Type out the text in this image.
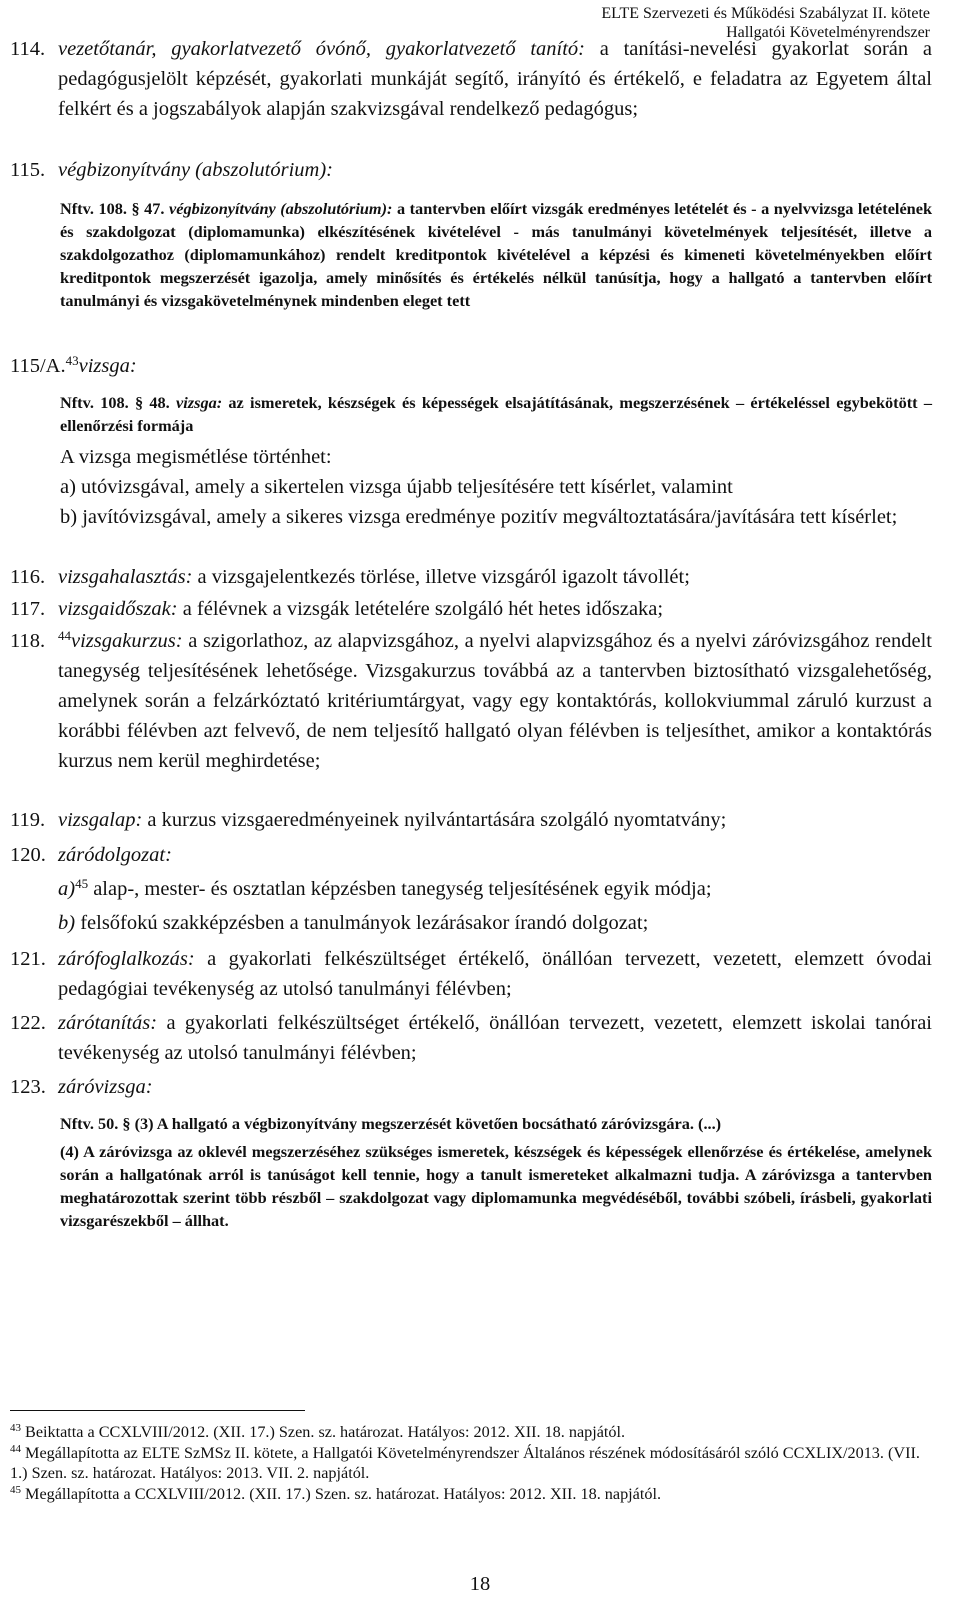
ELTE Szervezeti és Működési Szabályzat II. kötete
Hallgatói Követelményrendszer
114. vezetőtanár, gyakorlatvezető óvónő, gyakorlatvezető tanító: a tanítási-nevelési gyakorlat során a pedagógusjelölt képzését, gyakorlati munkáját segítő, irányító és értékelő, e feladatra az Egyetem által felkért és a jogszabályok alapján szakvizsgával rendelkező pedagógus;
115. végbizonyítvány (abszolutórium):
Nftv. 108. § 47. végbizonyítvány (abszolutórium): a tantervben előírt vizsgák eredményes letételét és - a nyelvvizsga letételének és szakdolgozat (diplomamunka) elkészítésének kivételével - más tanulmányi követelmények teljesítését, illetve a szakdolgozathoz (diplomamunkához) rendelt kreditpontok kivételével a képzési és kimeneti követelményekben előírt kreditpontok megszerzését igazolja, amely minősítés és értékelés nélkül tanúsítja, hogy a hallgató a tantervben előírt tanulmányi és vizsgakövetelménynek mindenben eleget tett
115/A.$^{43}$vizsga:
Nftv. 108. § 48. vizsga: az ismeretek, készségek és képességek elsajátításának, megszerzésének – értékeléssel egybekötött – ellenőrzési formája
A vizsga megismétlése történhet:
a) utóvizsgával, amely a sikertelen vizsga újabb teljesítésére tett kísérlet, valamint
b) javítóvizsgával, amely a sikeres vizsga eredménye pozitív megváltoztatására/javítására tett kísérlet;
116. vizsgahalasztás: a vizsgajelentkezés törlése, illetve vizsgáról igazolt távollét;
117. vizsgaidőszak: a félévnek a vizsgák letételére szolgáló hét hetes időszaka;
118. $^{44}$vizsgakurzus: a szigorlathoz, az alapvizsgához, a nyelvi alapvizsgához és a nyelvi záróvizsgához rendelt tanegység teljesítésének lehetősége. Vizsgakurzus továbbá az a tantervben biztosítható vizsgalehetőség, amelynek során a felzárkóztató kritériumtárgyat, vagy egy kontaktórás, kollokviummal záruló kurzust a korábbi félévben azt felvevő, de nem teljesítő hallgató olyan félévben is teljesíthet, amikor a kontaktórás kurzus nem kerül meghirdetése;
119. vizsgalap: a kurzus vizsgaeredményeinek nyilvántartására szolgáló nyomtatvány;
120. záródolgozat:
a)$^{45}$ alap-, mester- és osztatlan képzésben tanegység teljesítésének egyik módja;
b) felsőfokú szakképzésben a tanulmányok lezárásakor írandó dolgozat;
121. zárófoglalkozás: a gyakorlati felkészültséget értékelő, önállóan tervezett, vezetett, elemzett óvodai pedagógiai tevékenység az utolsó tanulmányi félévben;
122. zárótanítás: a gyakorlati felkészültséget értékelő, önállóan tervezett, vezetett, elemzett iskolai tanórai tevékenység az utolsó tanulmányi félévben;
123. záróvizsga:
Nftv. 50. § (3) A hallgató a végbizonyítvány megszerzését követően bocsátható záróvizsgára. (...)
(4) A záróvizsga az oklevél megszerzéséhez szükséges ismeretek, készségek és képességek ellenőrzése és értékelése, amelynek során a hallgatónak arról is tanúságot kell tennie, hogy a tanult ismereteket alkalmazni tudja. A záróvizsga a tantervben meghatározottak szerint több részből – szakdolgozat vagy diplomamunka megvédéséből, további szóbeli, írásbeli, gyakorlati vizsgarészekből – állhat.
$^{43}$ Beiktatta a CCXLVIII/2012. (XII. 17.) Szen. sz. határozat. Hatályos: 2012. XII. 18. napjától.
$^{44}$ Megállapította az ELTE SzMSz II. kötete, a Hallgatói Követelményrendszer Általános részének módosításáról szóló CCXLIX/2013. (VII. 1.) Szen. sz. határozat. Hatályos: 2013. VII. 2. napjától.
$^{45}$ Megállapította a CCXLVIII/2012. (XII. 17.) Szen. sz. határozat. Hatályos: 2012. XII. 18. napjától.
18
